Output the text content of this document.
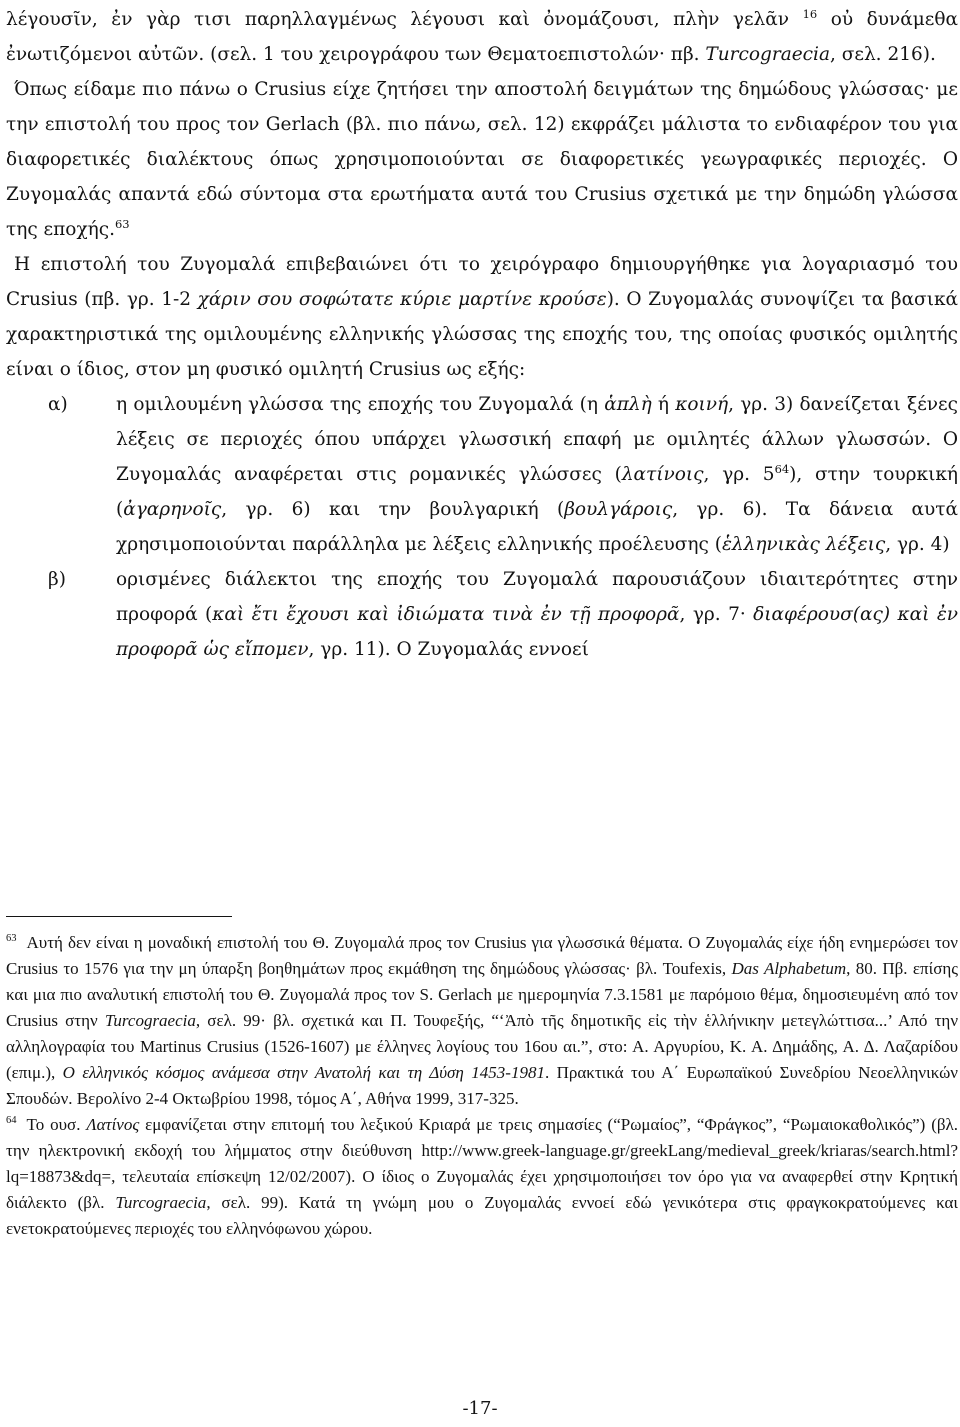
λέγουσῖν, ἐν γὰρ τισι παρηλλαγμένως λέγουσι καὶ ὀνομάζουσι, πλὴν γελᾶν $^{16}$ οὐ δυνάμεθα ἐνωτιζόμενοι αὐτῶν. (σελ. 1 του χειρογράφου των Θεματοεπιστολών· πβ. Turcograecia, σελ. 216).

Όπως είδαμε πιο πάνω ο Crusius είχε ζητήσει την αποστολή δειγμάτων της δημώδους γλώσσας· με την επιστολή του προς τον Gerlach (βλ. πιο πάνω, σελ. 12) εκφράζει μάλιστα το ενδιαφέρον του για διαφορετικές διαλέκτους όπως χρησιμοποιούνται σε διαφορετικές γεωγραφικές περιοχές. Ο Ζυγομαλάς απαντά εδώ σύντομα στα ερωτήματα αυτά του Crusius σχετικά με την δημώδη γλώσσα της εποχής.$^{63}$

Η επιστολή του Ζυγομαλά επιβεβαιώνει ότι το χειρόγραφο δημιουργήθηκε για λογαριασμό του Crusius (πβ. γρ. 1-2 χάριν σου σοφώτατε κύριε μαρτίνε κρούσε). Ο Ζυγομαλάς συνοψίζει τα βασικά χαρακτηριστικά της ομιλουμένης ελληνικής γλώσσας της εποχής του, της οποίας φυσικός ομιλητής είναι ο ίδιος, στον μη φυσικό ομιλητή Crusius ως εξής:

α)	η ομιλουμένη γλώσσα της εποχής του Ζυγομαλά (η ἁπλὴ ή κοινή, γρ. 3) δανείζεται ξένες λέξεις σε περιοχές όπου υπάρχει γλωσσική επαφή με ομιλητές άλλων γλωσσών. Ο Ζυγομαλάς αναφέρεται στις ρομανικές γλώσσες (λατίνοις, γρ. $5^{64}$), στην τουρκική (ἀγαρηνοῖς, γρ. 6) και την βουλγαρική (βουλγάροις, γρ. 6). Τα δάνεια αυτά χρησιμοποιούνται παράλληλα με λέξεις ελληνικής προέλευσης (ἑλληνικὰς λέξεις, γρ. 4)

β)	ορισμένες διάλεκτοι της εποχής του Ζυγομαλά παρουσιάζουν ιδιαιτερότητες στην προφορά (καὶ ἔτι ἔχουσι καὶ ἰδιώματα τινὰ ἐν τῇ προφορᾶ, γρ. 7· διαφέρουσ(ας) καὶ ἐν προφορᾶ ὡς εἴπομεν, γρ. 11). Ο Ζυγομαλάς εννοεί

$^{63}$ Αυτή δεν είναι η μοναδική επιστολή του Θ. Ζυγομαλά προς τον Crusius για γλωσσικά θέματα. Ο Ζυγομαλάς είχε ήδη ενημερώσει τον Crusius το 1576 για την μη ύπαρξη βοηθημάτων προς εκμάθηση της δημώδους γλώσσας· βλ. Toufexis, Das Alphabetum, 80. Πβ. επίσης και μια πιο αναλυτική επιστολή του Θ. Ζυγομαλά προς τον S. Gerlach με ημερομηνία 7.3.1581 με παρόμοιο θέμα, δημοσιευμένη από τον Crusius στην Turcograecia, σελ. 99· βλ. σχετικά και Π. Τουφεξής, “‘Ἀπὸ τῆς δημοτικῆς εἰς τὴν ἑλλήνικην μετεγλώττισα...’ Από την αλληλογραφία του Martinus Crusius (1526-1607) με έλληνες λογίους του 16ου αι.”, στο: Α. Αργυρίου, Κ. Α. Δημάδης, Α. Δ. Λαζαρίδου (επιμ.), Ο ελληνικός κόσμος ανάμεσα στην Ανατολή και τη Δύση 1453-1981. Πρακτικά του Α΄ Ευρωπαϊκού Συνεδρίου Νεοελληνικών Σπουδών. Βερολίνο 2-4 Οκτωβρίου 1998, τόμος Α΄, Αθήνα 1999, 317-325.

$^{64}$ Το ουσ. Λατίνος εμφανίζεται στην επιτομή του λεξικού Κριαρά με τρεις σημασίες (“Ρωμαίος”, “Φράγκος”, “Ρωμαιοκαθολικός”) (βλ. την ηλεκτρονική εκδοχή του λήμματος στην διεύθυνση http://www.greek-language.gr/greekLang/medieval_greek/kriaras/search.html?lq=18873&dq=, τελευταία επίσκεψη 12/02/2007). Ο ίδιος ο Ζυγομαλάς έχει χρησιμοποιήσει τον όρο για να αναφερθεί στην Κρητική διάλεκτο (βλ. Turcograecia, σελ. 99). Κατά τη γνώμη μου ο Ζυγομαλάς εννοεί εδώ γενικότερα στις φραγκοκρατούμενες και ενετοκρατούμενες περιοχές του ελληνόφωνου χώρου.

-17-
